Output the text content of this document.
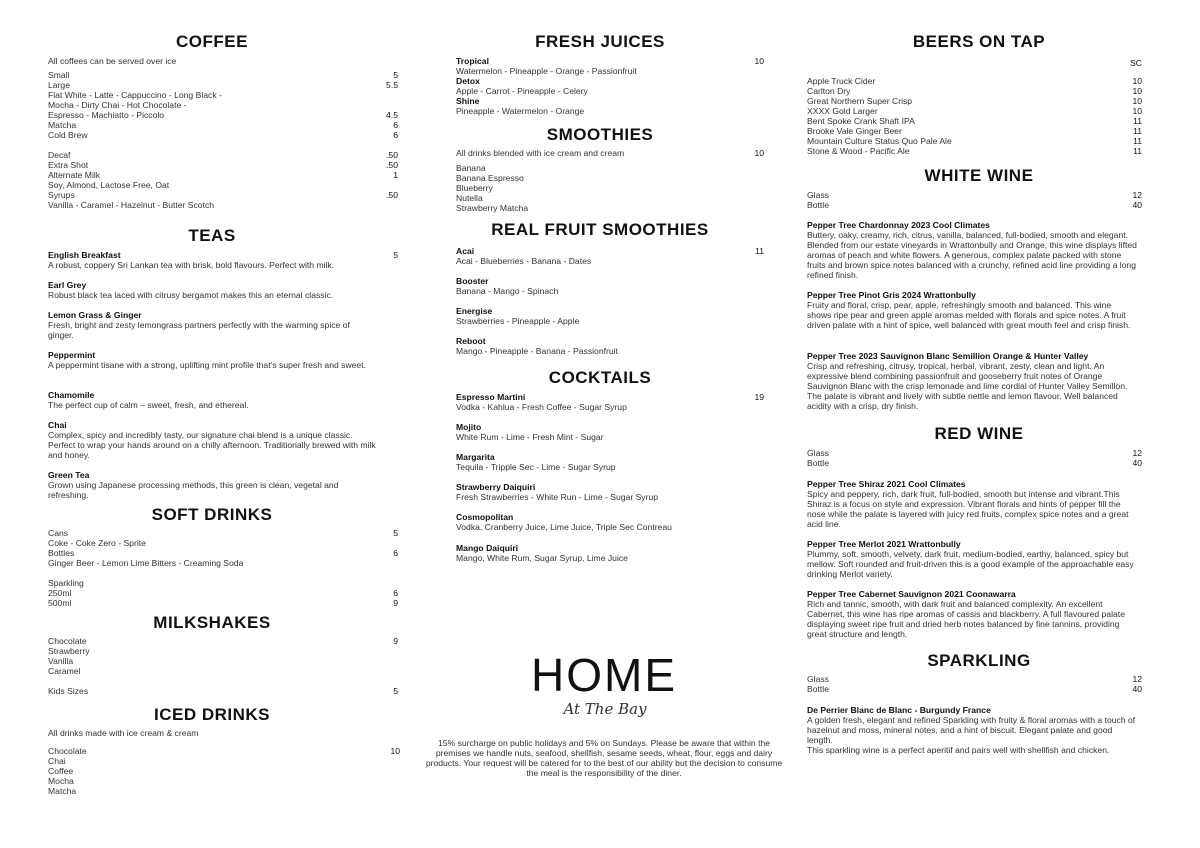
COFFEE
All coffees can be served over ice
Small
Large
Flat White - Latte - Cappuccino - Long Black -
Mocha - Dirty Chai - Hot Chocolate -
Espresso - Machiatto - Piccolo
Matcha
Cold Brew
5
5.5
4.5
6
6
Decaf
Extra Shot
Alternate Milk
Soy, Almond, Lactose Free, Oat
Syrups
Vanilla - Caramel - Hazelnut - Butter Scotch
.50
.50
1
.50
TEAS
5
English Breakfast
A robust, coppery Sri Lankan tea with brisk, bold flavours. Perfect with milk.
Earl Grey
Robust black tea laced with citrusy bergamot makes this an eternal classic.
Lemon Grass & Ginger
Fresh, bright and zesty lemongrass partners perfectly with the warming spice of ginger.
Peppermint
A peppermint tisane with a strong, uplifting mint profile that’s super fresh and sweet.
Chamomile
The perfect cup of calm – sweet, fresh, and ethereal.
Chai
Complex, spicy and incredibly tasty, our signature chai blend is a unique classic. Perfect to wrap your hands around on a chilly afternoon. Traditionally brewed with milk and honey.
Green Tea
Grown using Japanese processing methods, this green is clean, vegetal and refreshing.
SOFT DRINKS
Cans
Coke - Coke Zero - Sprite
Bottles
Ginger Beer - Lemon Lime Bitters - Creaming Soda
Sparkling
250ml
500ml
5
6
6
9
MILKSHAKES
Chocolate
Strawberry
Vanilla
Caramel
9
Kids Sizes	5
ICED DRINKS
All drinks made with ice cream & cream
Chocolate
Chai
Coffee
Mocha
Matcha
10
FRESH JUICES
10
Tropical
Watermelon - Pineapple - Orange - Passionfruit
Detox
Apple - Carrot - Pineapple - Celery
Shine
Pineapple - Watermelon - Orange
SMOOTHIES
All drinks blended with ice cream and cream	10
Banana
Banana Espresso
Blueberry
Nutella
Strawberry Matcha
REAL FRUIT SMOOTHIES
11
Acai
Acai - Blueberries - Banana - Dates
Booster
Banana - Mango - Spinach
Energise
Strawberries - Pineapple - Apple
Reboot
Mango - Pineapple - Banana - Passionfruit
COCKTAILS
19
Espresso Martini
Vodka - Kahlua - Fresh Coffee - Sugar Syrup
Mojito
White Rum - Lime - Fresh Mint - Sugar
Margarita
Tequila - Tripple Sec - Lime - Sugar Syrup
Strawberry Daiquiri
Fresh Strawberries - White Run - Lime - Sugar Syrup
Cosmopolitan
Vodka, Cranberry Juice, Lime Juice, Triple Sec Contreau
Mango Daiquiri
Mango, White Rum, Sugar Syrup, Lime Juice
HOME
At The Bay
15% surcharge on public holidays and 5% on Sundays. Please be aware that within the premises we handle nuts, seafood, shellfish, sesame seeds, wheat, flour, eggs and dairy products. Your request will be catered for to the best of our ability but the decision to consume the meal is the responsibility of the diner.
BEERS ON TAP
SC
Apple Truck Cider
Carlton Dry
Great Northern Super Crisp
XXXX Gold Larger
Bent Spoke Crank Shaft IPA
Brooke Vale Ginger Beer
Mountain Culture Status Quo Pale Ale
Stone & Wood - Pacific Ale
10
10
10
10
11
11
11
11
WHITE WINE
Glass
Bottle
12
40
Pepper Tree Chardonnay 2023 Cool Climates
Buttery, oaky, creamy, rich, citrus, vanilla, balanced, full-bodied, smooth and elegant. Blended from our estate vineyards in Wrattonbully and Orange, this wine displays lifted aromas of peach and white flowers. A generous, complex palate packed with stone fruits and brown spice notes balanced with a crunchy, refined acid line providing a long refined finish.
Pepper Tree Pinot Gris 2024 Wrattonbully
Fruity and floral, crisp, pear, apple, refreshingly smooth and balanced. This wine shows ripe pear and green apple aromas melded with florals and spice notes. A fruit driven palate with a hint of spice, well balanced with great mouth feel and crisp finish.
Pepper Tree 2023 Sauvignon Blanc Semillion Orange & Hunter Valley
Crisp and refreshing, citrusy, tropical, herbal, vibrant, zesty, clean and light. An expressive blend combining passionfruit and gooseberry fruit notes of Orange Sauvignon Blanc with the crisp lemonade and lime cordial of Hunter Valley Semillon. The palate is vibrant and lively with subtle nettle and lemon flavour. Well balanced acidity with a crisp, dry finish.
RED WINE
Glass
Bottle
12
40
Pepper Tree Shiraz 2021 Cool Climates
Spicy and peppery, rich, dark fruit, full-bodied, smooth but intense and vibrant.This Shiraz is a focus on style and expression. Vibrant florals and hints of pepper fill the nose while the palate is layered with juicy red fruits, complex spice notes and a great acid line.
Pepper Tree Merlot 2021 Wrattonbully
Plummy, soft, smooth, velvety, dark fruit, medium-bodied, earthy, balanced, spicy but mellow. Soft rounded and fruit-driven this is a good example of the approachable easy drinking Merlot variety.
Pepper Tree Cabernet Sauvignon 2021 Coonawarra
Rich and tannic, smooth, with dark fruit and balanced complexity. An excellent Cabernet, this wine has ripe aromas of cassis and blackberry. A full flavoured palate displaying sweet ripe fruit and dried herb notes balanced by fine tannins, providing great structure and length.
SPARKLING
Glass
Bottle
12
40
De Perrier Blanc de Blanc - Burgundy France
A golden fresh, elegant and refined Sparkling with fruity & floral aromas with a touch of hazelnut and moss, mineral notes, and a hint of biscuit. Elegant palate and good length.
This sparkling wine is a perfect aperitif and pairs well with shellfish and chicken.
